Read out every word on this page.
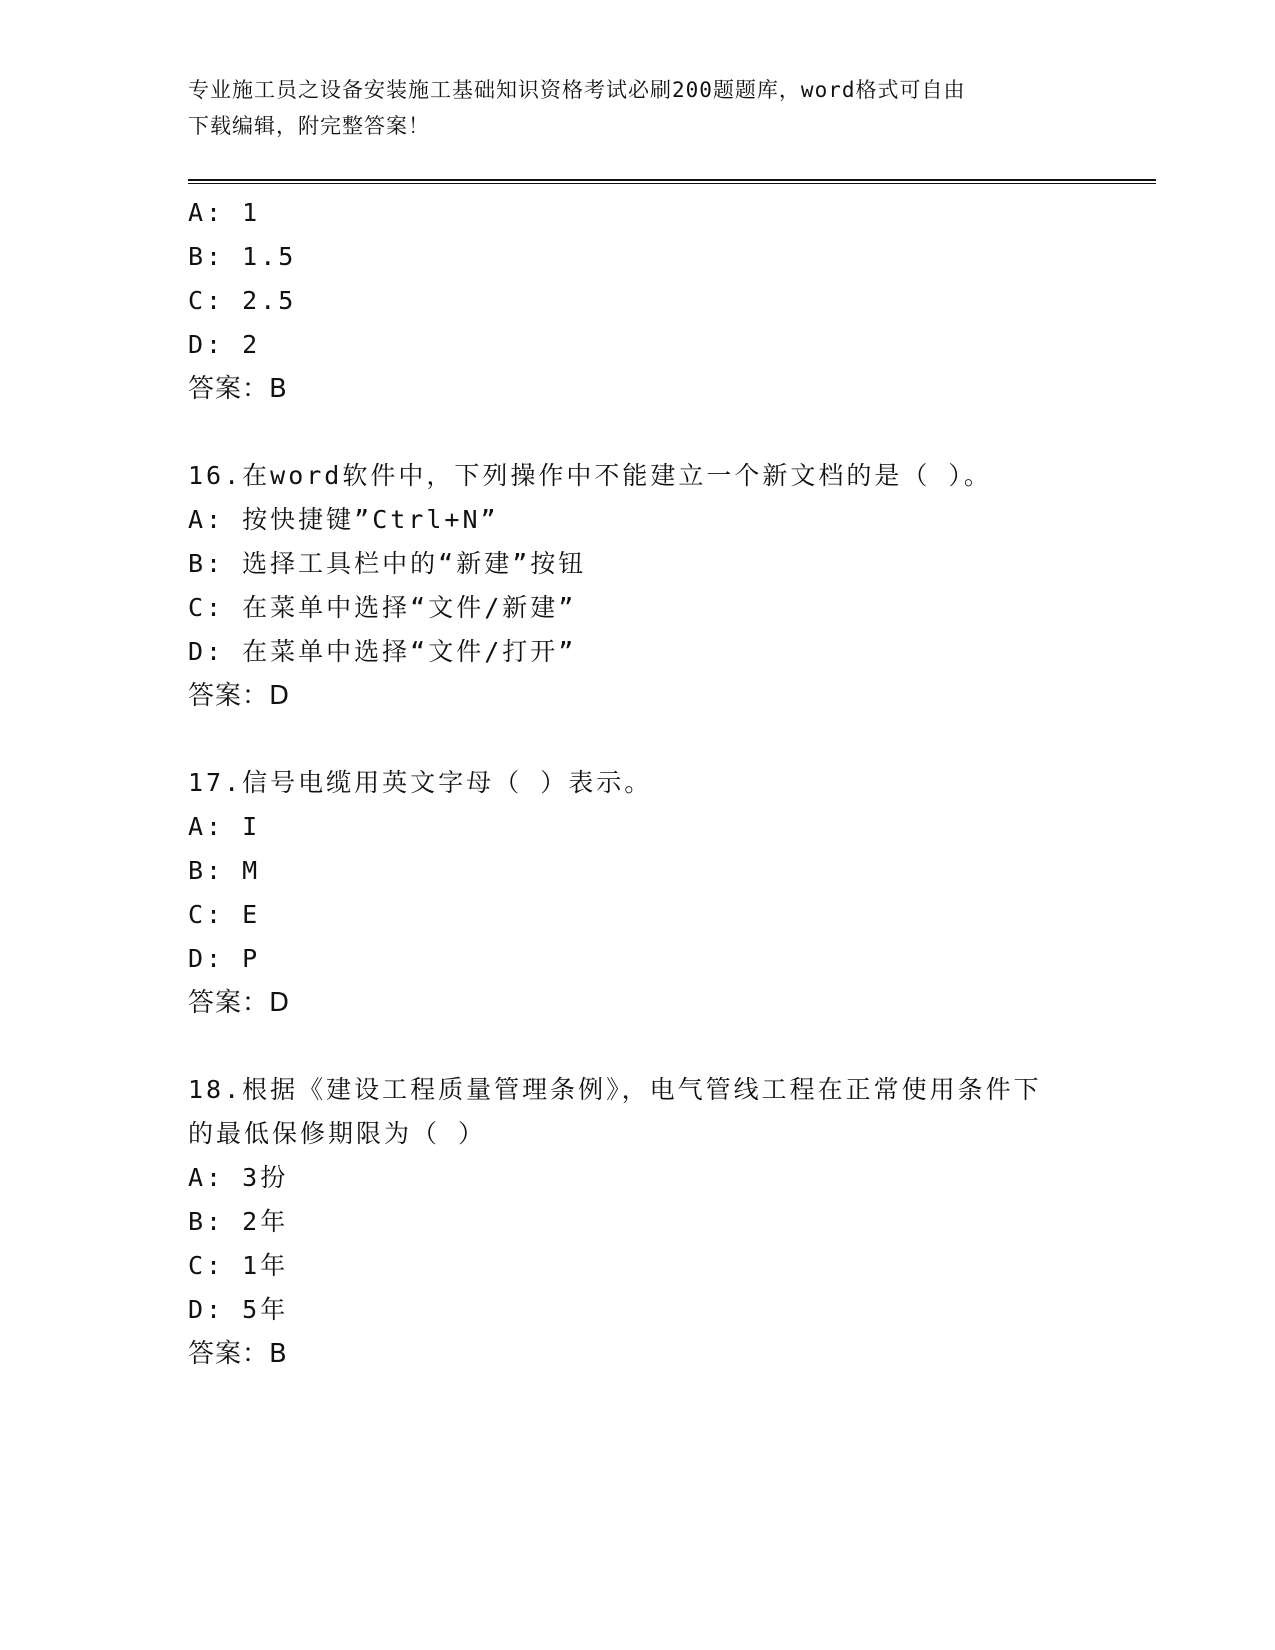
专业施工员之设备安装施工基础知识资格考试必刷200题题库，word格式可自由
下载编辑，附完整答案！
A: 1
B: 1.5
C: 2.5
D: 2
答案：B
16.在word软件中，下列操作中不能建立一个新文档的是（ ）。
A: 按快捷键”Ctrl+N”
B: 选择工具栏中的“新建”按钮
C: 在菜单中选择“文件/新建”
D: 在菜单中选择“文件/打开”
答案：D
17.信号电缆用英文字母（ ）表示。
A: I
B: M
C: E
D: P
答案：D
18.根据《建设工程质量管理条例》，电气管线工程在正常使用条件下
的最低保修期限为（ ）
A: 3扮
B: 2年
C: 1年
D: 5年
答案：B
